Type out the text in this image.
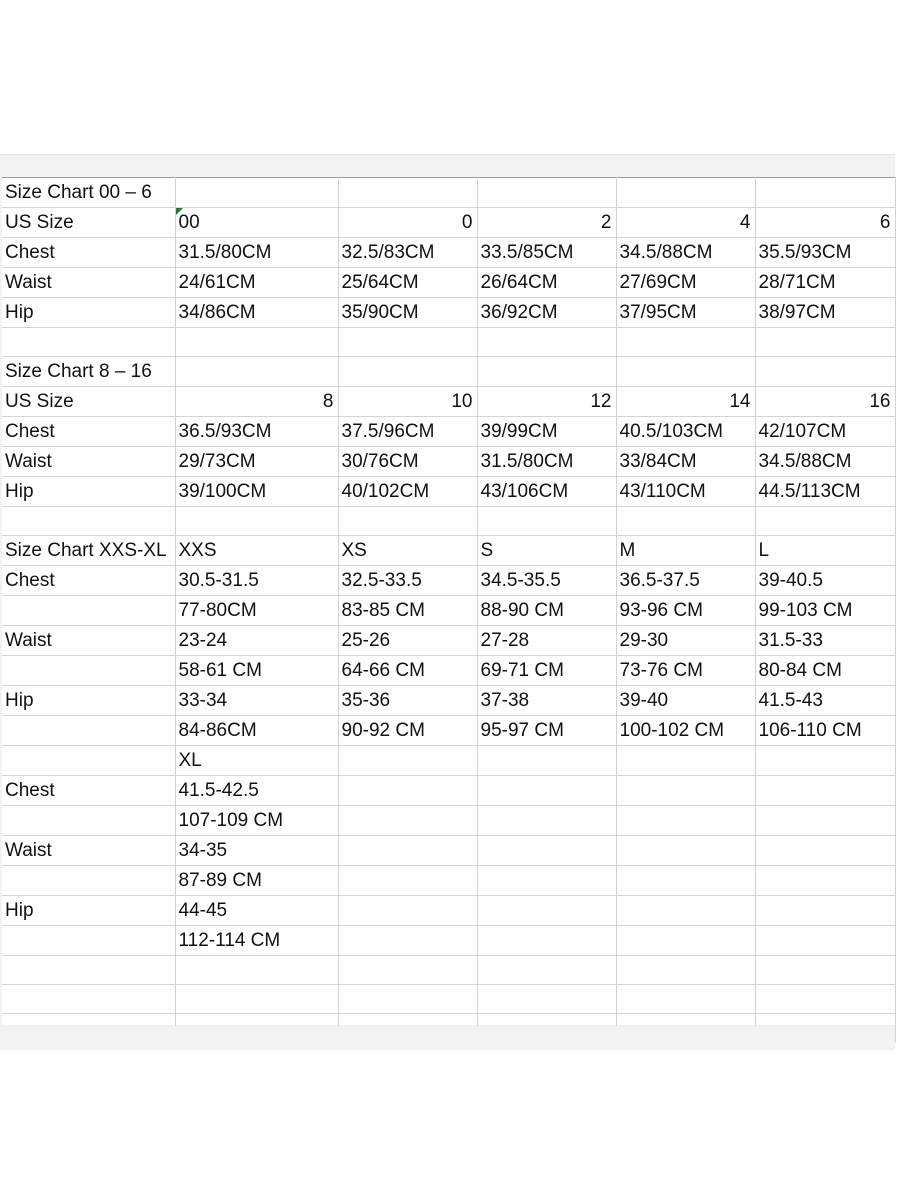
Size Chart 00 – 6					
US Size	00	0	2	4	6
Chest	31.5/80CM	32.5/83CM	33.5/85CM	34.5/88CM	35.5/93CM
Waist	24/61CM	25/64CM	26/64CM	27/69CM	28/71CM
Hip	34/86CM	35/90CM	36/92CM	37/95CM	38/97CM

Size Chart 8 – 16					
US Size	8	10	12	14	16
Chest	36.5/93CM	37.5/96CM	39/99CM	40.5/103CM	42/107CM
Waist	29/73CM	30/76CM	31.5/80CM	33/84CM	34.5/88CM
Hip	39/100CM	40/102CM	43/106CM	43/110CM	44.5/113CM

Size Chart XXS-XL	XXS	XS	S	M	L
Chest	30.5-31.5	32.5-33.5	34.5-35.5	36.5-37.5	39-40.5
	77-80CM	83-85 CM	88-90 CM	93-96 CM	99-103 CM
Waist	23-24	25-26	27-28	29-30	31.5-33
	58-61 CM	64-66 CM	69-71 CM	73-76 CM	80-84 CM
Hip	33-34	35-36	37-38	39-40	41.5-43
	84-86CM	90-92 CM	95-97 CM	100-102 CM	106-110 CM
	XL				
Chest	41.5-42.5				
	107-109 CM				
Waist	34-35				
	87-89 CM				
Hip	44-45				
	112-114 CM				
